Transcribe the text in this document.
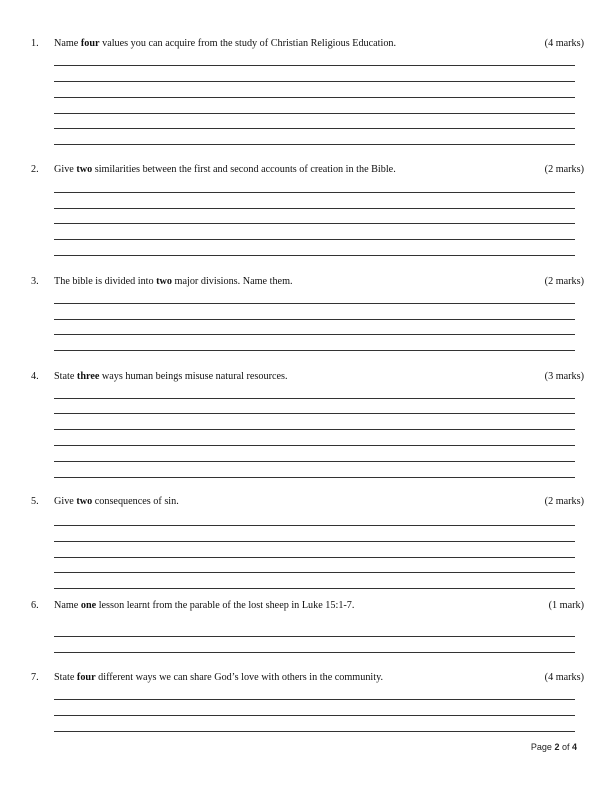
1. Name four values you can acquire from the study of Christian Religious Education.	(4 marks)
2. Give two similarities between the first and second accounts of creation in the Bible.	(2 marks)
3. The bible is divided into two major divisions. Name them.	(2 marks)
4. State three ways human beings misuse natural resources.	(3 marks)
5. Give two consequences of sin.	(2 marks)
6. Name one lesson learnt from the parable of the lost sheep in Luke 15:1-7.	(1 mark)
7. State four different ways we can share God’s love with others in the community.	(4 marks)
Page 2 of 4
